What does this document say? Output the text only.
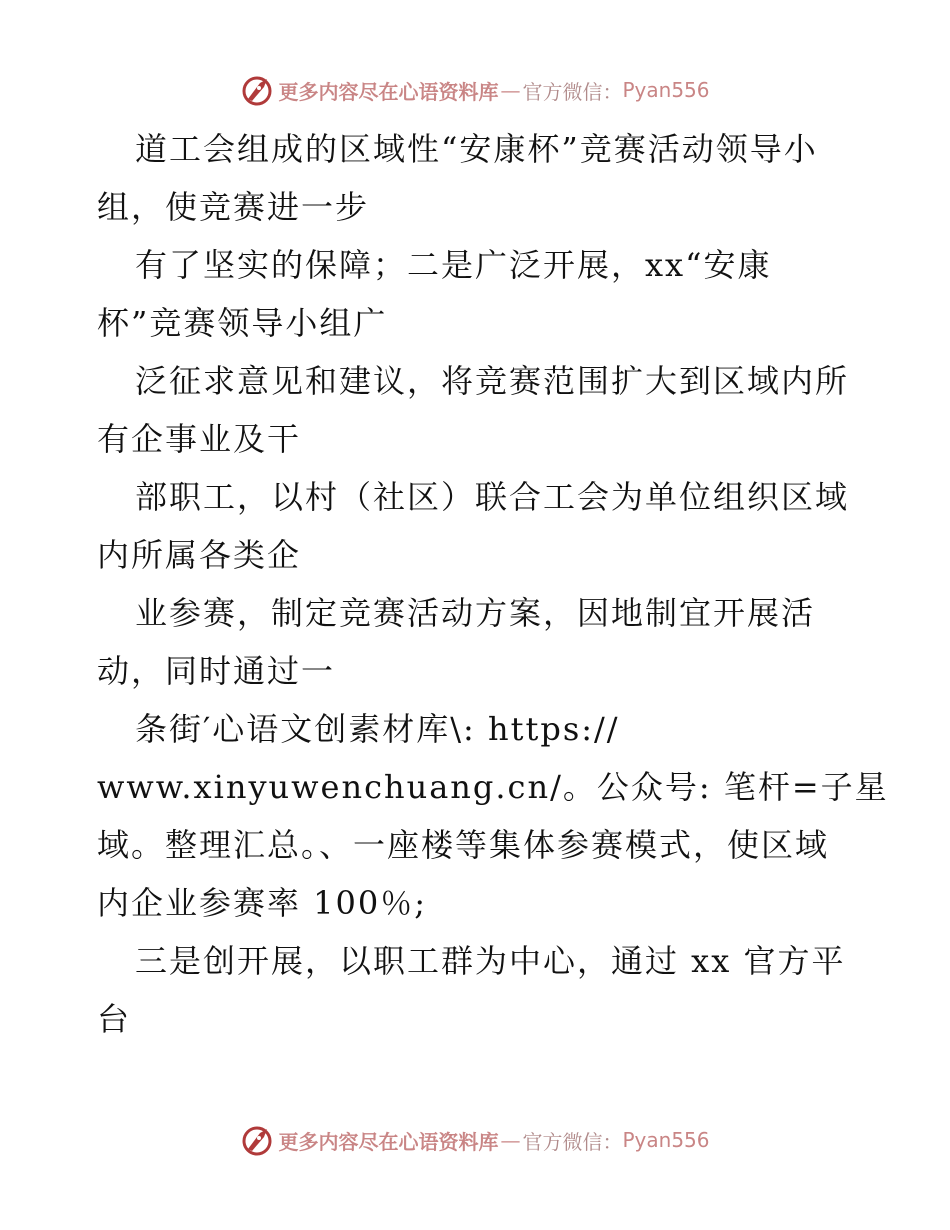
更多内容尽在心语资料库 — 官方微信： Pyan556
道工会组成的区域性“安康杯”竞赛活动领导小
组，使竞赛进一步
有了坚实的保障；二是广泛开展，xx“安康
杯”竞赛领导小组广
泛征求意见和建议，将竞赛范围扩大到区域内所
有企事业及干
部职工，以村（社区）联合工会为单位组织区域
内所属各类企
业参赛，制定竞赛活动方案，因地制宜开展活
动，同时通过一
条街′心语文创素材库\: https://
www.xinyuwenchuang.cn/。公众号: 笔杆=子星
域。整理汇总。、一座楼等集体参赛模式，使区域
内企业参赛率 100％;
三是创开展，以职工群为中心，通过 xx 官方平
台
更多内容尽在心语资料库 — 官方微信： Pyan556
